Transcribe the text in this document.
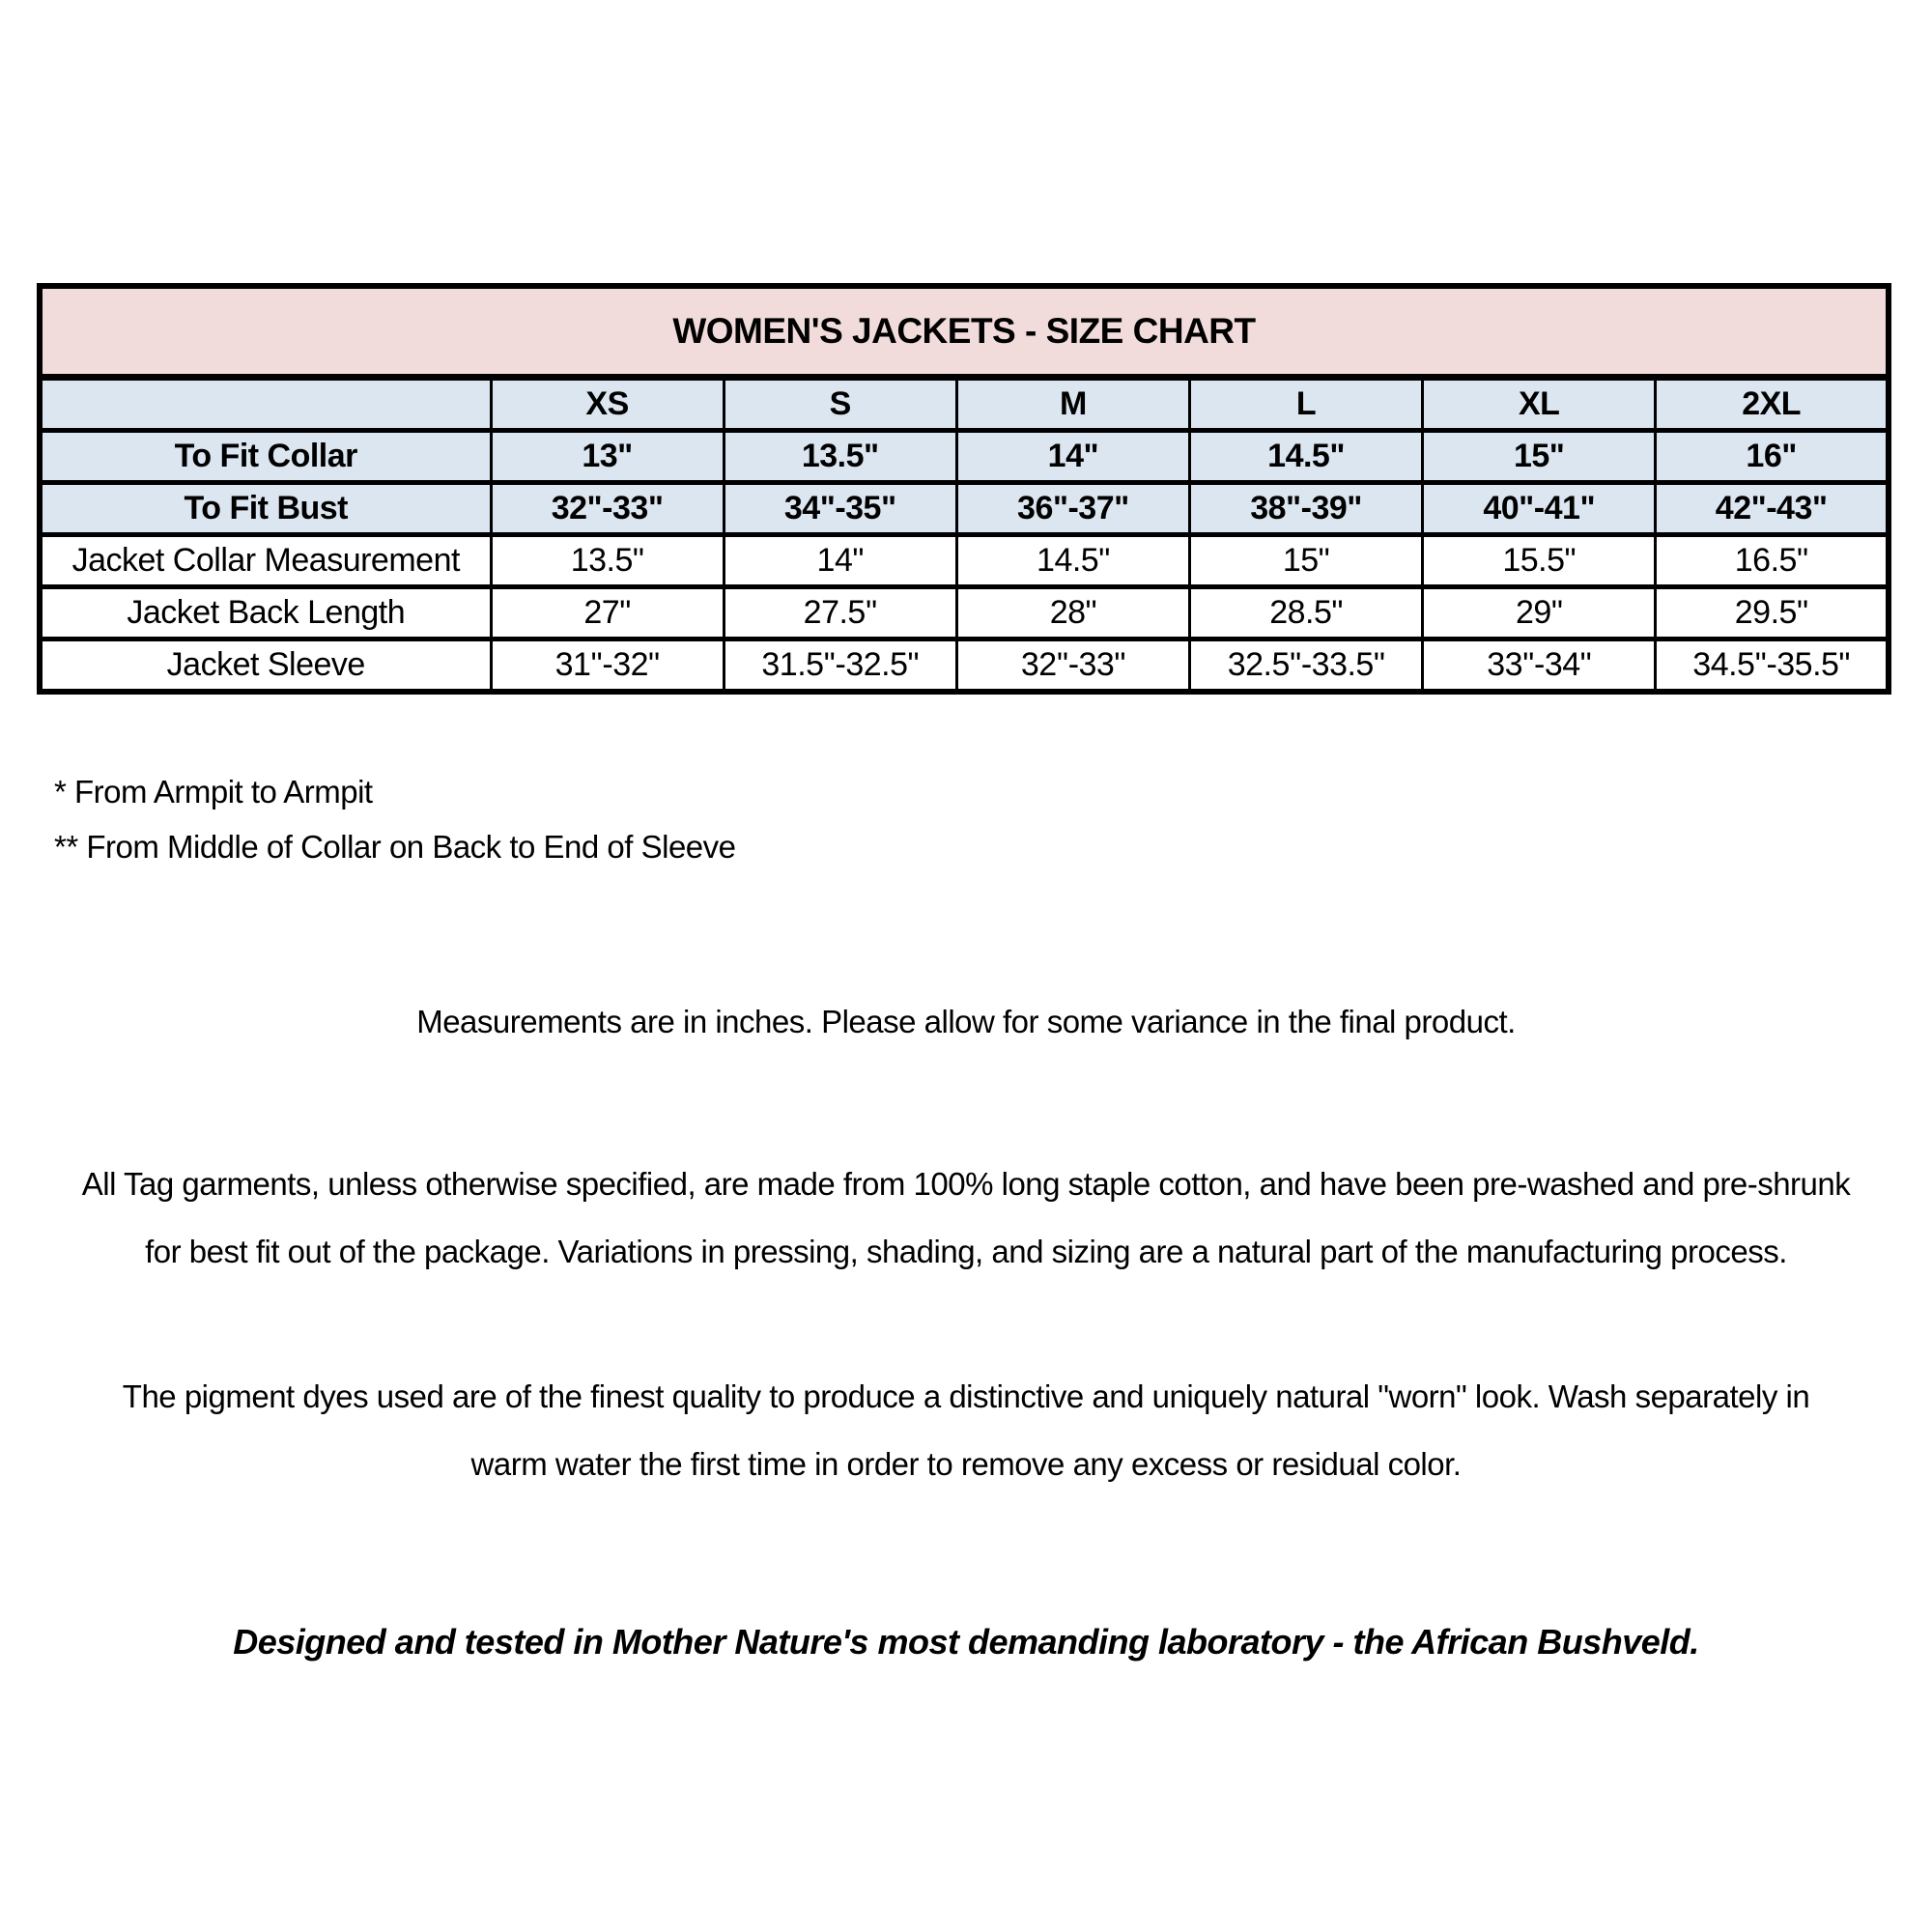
WOMEN'S JACKETS - SIZE CHART						
	XS	S	M	L	XL	2XL
To Fit Collar	13"	13.5"	14"	14.5"	15"	16"
To Fit Bust	32"-33"	34"-35"	36"-37"	38"-39"	40"-41"	42"-43"
Jacket Collar Measurement	13.5"	14"	14.5"	15"	15.5"	16.5"
Jacket Back Length	27"	27.5''	28"	28.5"	29"	29.5"
Jacket Sleeve	31''-32"	31.5''-32.5"	32''-33"	32.5''-33.5"	33''-34"	34.5''-35.5"
* From Armpit to Armpit
** From Middle of Collar on Back to End of Sleeve
Measurements are in inches. Please allow for some variance in the final product.
All Tag garments, unless otherwise specified, are made from 100% long staple cotton, and have been pre-washed and pre-shrunk
for best fit out of the package. Variations in pressing, shading, and sizing are a natural part of the manufacturing process.
The pigment dyes used are of the finest quality to produce a distinctive and uniquely natural "worn" look. Wash separately in
warm water the first time in order to remove any excess or residual color.
Designed and tested in Mother Nature's most demanding laboratory - the African Bushveld.
